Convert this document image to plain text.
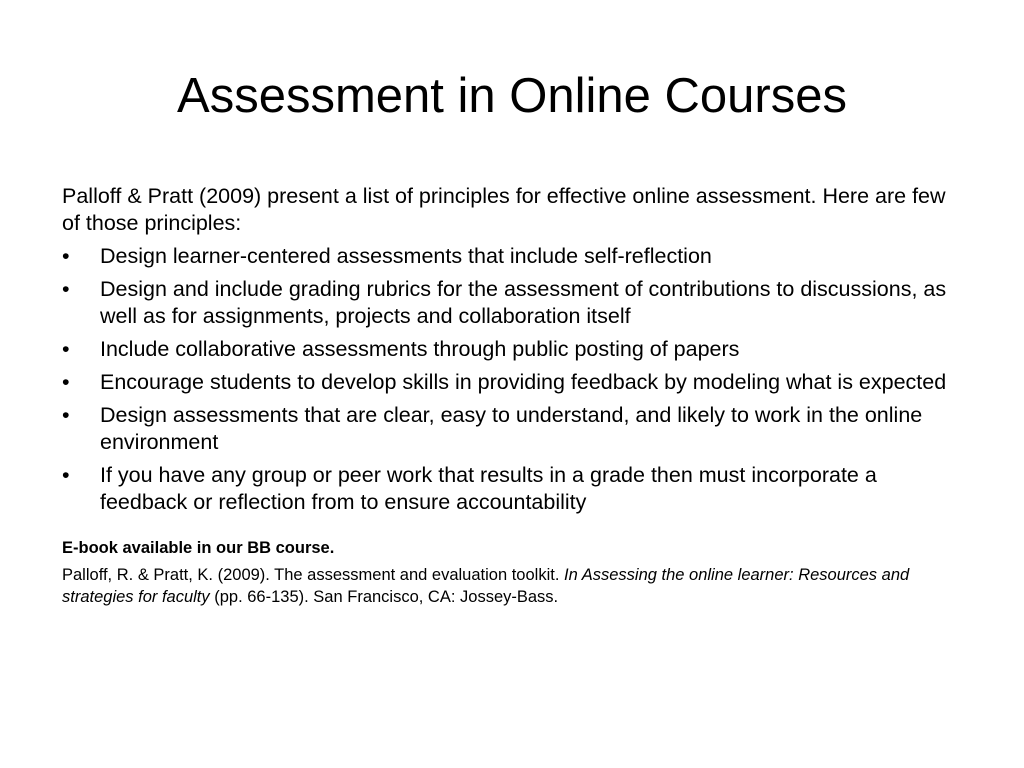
Assessment in Online Courses

Palloff & Pratt (2009) present a list of principles for effective online assessment. Here are few of those principles:

• Design learner-centered assessments that include self-reflection
• Design and include grading rubrics for the assessment of contributions to discussions, as well as for assignments, projects and collaboration itself
• Include collaborative assessments through public posting of papers
• Encourage students to develop skills in providing feedback by modeling what is expected
• Design assessments that are clear, easy to understand, and likely to work in the online environment
• If you have any group or peer work that results in a grade then must incorporate a feedback or reflection from to ensure accountability

E-book available in our BB course.

Palloff, R. & Pratt, K. (2009). The assessment and evaluation toolkit. In Assessing the online learner: Resources and strategies for faculty (pp. 66-135). San Francisco, CA: Jossey-Bass.
